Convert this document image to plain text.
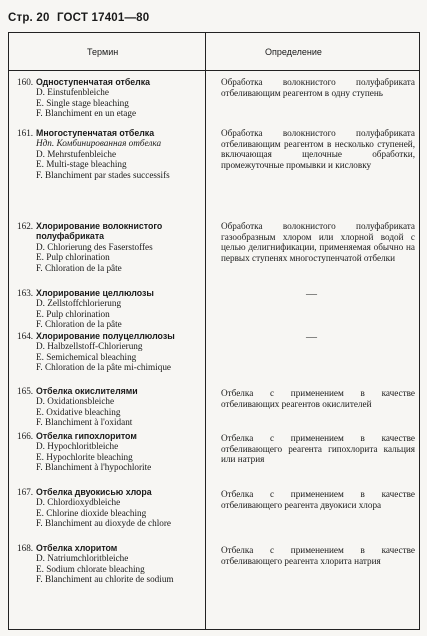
Стр. 20 ГОСТ 17401—80
Термин	Определение
160. Одноступенчатая отбелка
D. Einstufenbleiche
E. Single stage bleaching
F. Blanchiment en un etage
Обработка волокнистого полуфабриката отбеливающим реагентом в одну ступень
161. Многоступенчатая отбелка
Ндп. Комбинированная отбелка
D. Mehrstufenbleiche
E. Multi-stage bleaching
F. Blanchiment par stades successifs
Обработка волокнистого полуфабриката отбеливающим реагентом в несколько ступеней, включающая щелочные обработки, промежуточные промывки и кисловку
162. Хлорирование волокнистого полуфабриката
D. Chlorierung des Faserstoffes
E. Pulp chlorination
F. Chloration de la pâte
Обработка волокнистого полуфабриката газообразным хлором или хлорной водой с целью делигнификации, применяемая обычно на первых ступенях многоступенчатой отбелки
163. Хлорирование целлюлозы
D. Zellstoffchlorierung
E. Pulp chlorination
F. Chloration de la pâte
—
164. Хлорирование полуцеллюлозы
D. Halbzellstoff-Chlorierung
E. Semichemical bleaching
F. Chloration de la pâte mi-chimique
—
165. Отбелка окислителями
D. Oxidationsbleiche
E. Oxidative bleaching
F. Blanchiment à l'oxidant
Отбелка с применением в качестве отбеливающих реагентов окислителей
166. Отбелка гипохлоритом
D. Hypochloritbleiche
E. Hypochlorite bleaching
F. Blanchiment à l'hypochlorite
Отбелка с применением в качестве отбеливающего реагента гипохлорита кальция или натрия
167. Отбелка двуокисью хлора
D. Chlordioxydbleiche
E. Chlorine dioxide bleaching
F. Blanchiment au dioxyde de chlore
Отбелка с применением в качестве отбеливающего реагента двуокиси хлора
168. Отбелка хлоритом
D. Natriumchloritbleiche
E. Sodium chlorate bleaching
F. Blanchiment au chlorite de sodium
Отбелка с применением в качестве отбеливающего реагента хлорита натрия
